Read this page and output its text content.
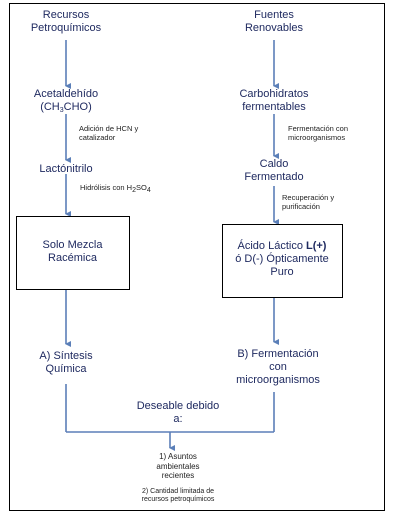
Recursos
Petroquímicos
Acetaldehído
$(CH_3CHO)$
Adición de HCN y
catalizador
Lactónitrilo
Hidrólisis con $H_2SO_4$
Solo Mezcla
Racémica
A) Síntesis
Química
Fuentes
Renovables
Carbohidratos
fermentables
Fermentación con
microorganismos
Caldo
Fermentado
Recuperación y
purificación
Ácido Láctico L(+)
ó D(-) Ópticamente
Puro
B) Fermentación
con
microorganismos
Deseable debido
a:
1) Asuntos
ambientales
recientes
2) Cantidad limitada de
recursos petroquímicos
